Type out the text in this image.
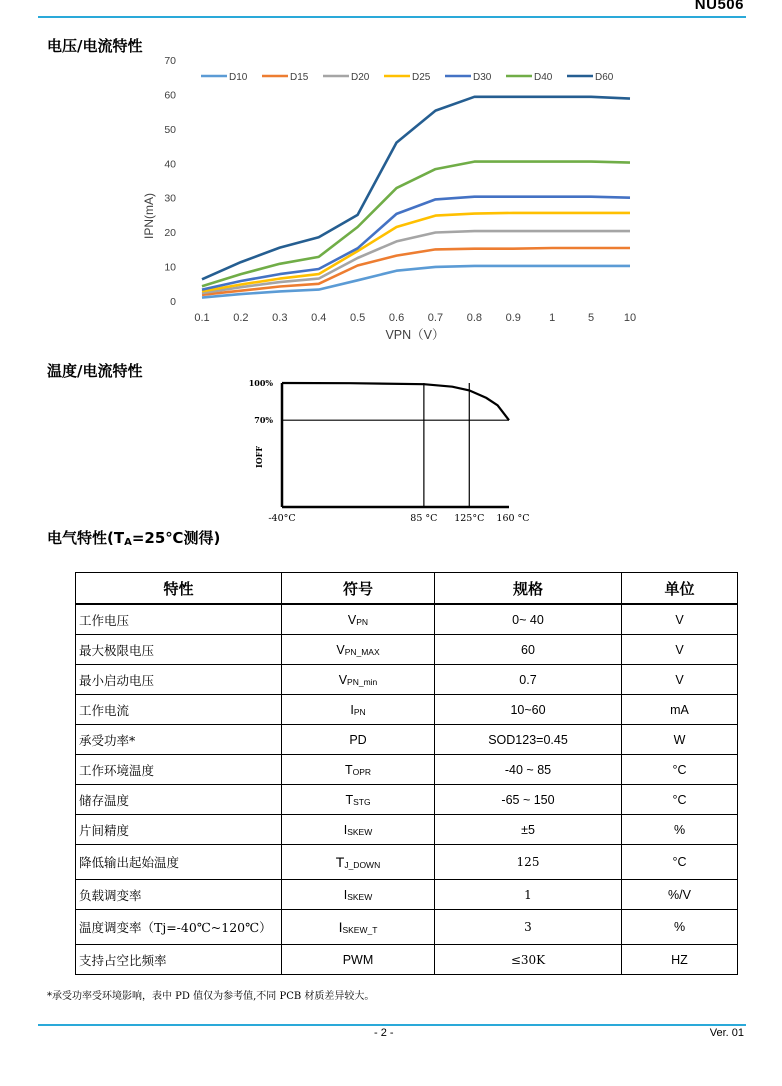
NU506
电压/电流特性
0
10
20
30
40
50
60
70
0.1 0.2 0.3 0.4 0.5 0.6 0.7 0.8 0.9	1	5	10
D10	D15	D20	D25	D30	D40	D60
IPN(mA)
VPN（V）
温度/电流特性
100%
70%
-40°C	85 °C 125°C 160 °C
IOFF
电气特性(TA=25℃测得)
特性	符号	规格	单位
工作电压	$V_{PN}$	0~ 40	V
最大极限电压	$V_{PN\_MAX}$	60	V
最小启动电压	$V_{PN\_min}$	0.7	V
工作电流	$I_{PN}$	10~60	mA
承受功率*	PD	SOD123=0.45	W
工作环境温度	$T_{OPR}$	-40 ~ 85	°C
储存温度	$T_{STG}$	-65 ~ 150	°C
片间精度	$I_{SKEW}$	±5	%
降低输出起始温度	$T_{J\_DOWN}$	125	°C
负载调变率	$I_{SKEW}$	1	%/V
温度调变率（Tj=-40℃~120℃）	$I_{SKEW\_T}$	3	%
支持占空比频率	PWM	≤30K	HZ
*承受功率受环境影响，表中 PD 值仅为参考值,不同 PCB 材质差异较大。
- 2 -	Ver. 01
